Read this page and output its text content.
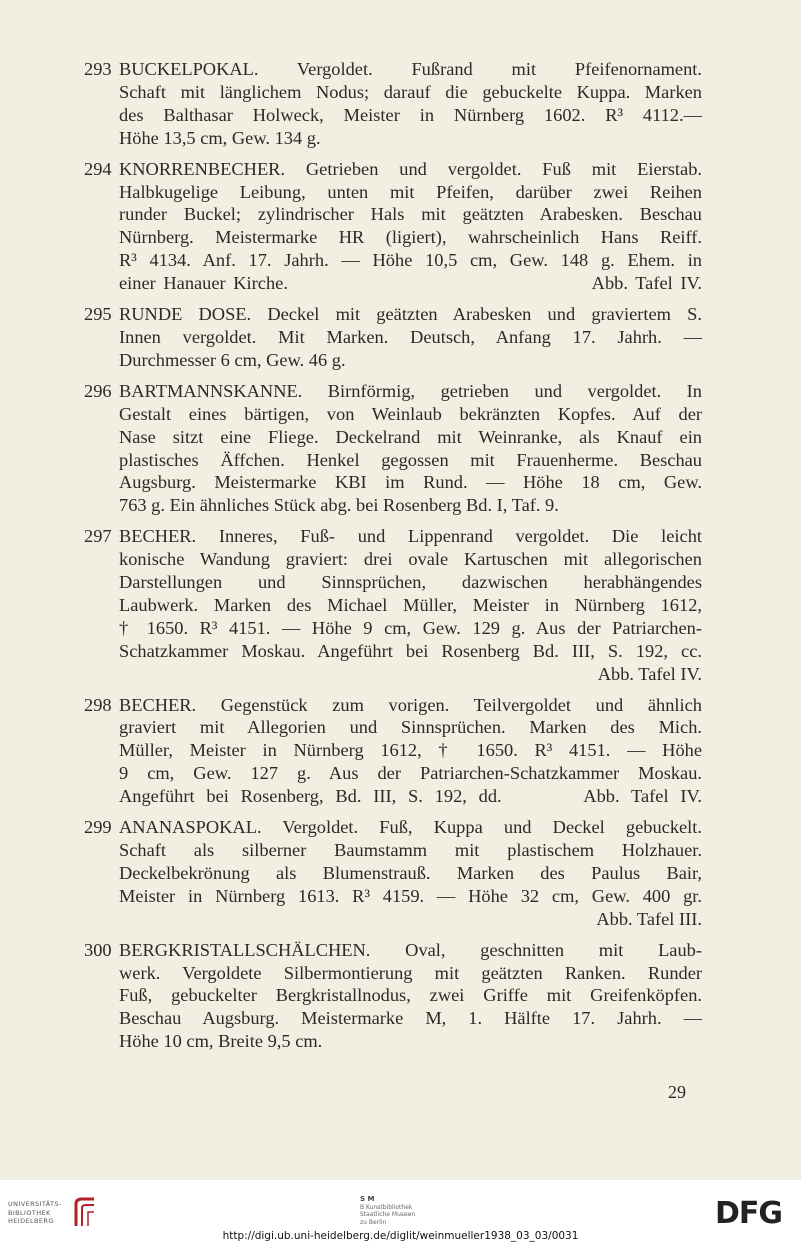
293 BUCKELPOKAL. Vergoldet. Fußrand mit Pfeifenornament.
Schaft mit länglichem Nodus; darauf die gebuckelte Kuppa. Marken
des Balthasar Holweck, Meister in Nürnberg 1602. R³ 4112.—
Höhe 13,5 cm, Gew. 134 g.
294 KNORRENBECHER. Getrieben und vergoldet. Fuß mit Eierstab.
Halbkugelige Leibung, unten mit Pfeifen, darüber zwei Reihen
runder Buckel; zylindrischer Hals mit geätzten Arabesken. Beschau
Nürnberg. Meistermarke HR (ligiert), wahrscheinlich Hans Reiff.
R³ 4134. Anf. 17. Jahrh. — Höhe 10,5 cm, Gew. 148 g. Ehem. in
einer Hanauer Kirche.                                        Abb. Tafel IV.
295 RUNDE DOSE. Deckel mit geätzten Arabesken und graviertem S.
Innen vergoldet. Mit Marken. Deutsch, Anfang 17. Jahrh. —
Durchmesser 6 cm, Gew. 46 g.
296 BARTMANNSKANNE. Birnförmig, getrieben und vergoldet. In
Gestalt eines bärtigen, von Weinlaub bekränzten Kopfes. Auf der
Nase sitzt eine Fliege. Deckelrand mit Weinranke, als Knauf ein
plastisches Äffchen. Henkel gegossen mit Frauenherme. Beschau
Augsburg. Meistermarke KBI im Rund. — Höhe 18 cm, Gew.
763 g. Ein ähnliches Stück abg. bei Rosenberg Bd. I, Taf. 9.
297 BECHER. Inneres, Fuß- und Lippenrand vergoldet. Die leicht
konische Wandung graviert: drei ovale Kartuschen mit allegorischen
Darstellungen und Sinnsprüchen, dazwischen herabhängendes
Laubwerk. Marken des Michael Müller, Meister in Nürnberg 1612,
† 1650. R³ 4151. — Höhe 9 cm, Gew. 129 g. Aus der Patriarchen-
Schatzkammer Moskau. Angeführt bei Rosenberg Bd. III, S. 192, cc.
Abb. Tafel IV.
298 BECHER. Gegenstück zum vorigen. Teilvergoldet und ähnlich
graviert mit Allegorien und Sinnsprüchen. Marken des Mich.
Müller, Meister in Nürnberg 1612, † 1650. R³ 4151. — Höhe
9 cm, Gew. 127 g. Aus der Patriarchen-Schatzkammer Moskau.
Angeführt bei Rosenberg, Bd. III, S. 192, dd.       Abb. Tafel IV.
299 ANANASPOKAL. Vergoldet. Fuß, Kuppa und Deckel gebuckelt.
Schaft als silberner Baumstamm mit plastischem Holzhauer.
Deckelbekrönung als Blumenstrauß. Marken des Paulus Bair,
Meister in Nürnberg 1613. R³ 4159. — Höhe 32 cm, Gew. 400 gr.
Abb. Tafel III.
300 BERGKRISTALLSCHÄLCHEN. Oval, geschnitten mit Laub-
werk. Vergoldete Silbermontierung mit geätzten Ranken. Runder
Fuß, gebuckelter Bergkristallnodus, zwei Griffe mit Greifenköpfen.
Beschau Augsburg. Meistermarke M, 1. Hälfte 17. Jahrh. —
Höhe 10 cm, Breite 9,5 cm.
29
UNIVERSITÄTS-
BIBLIOTHEK
HEIDELBERG
S M
B Kunstbibliothek
Staatliche Museen
zu Berlin	DFG
http://digi.ub.uni-heidelberg.de/diglit/weinmueller1938_03_03/0031
